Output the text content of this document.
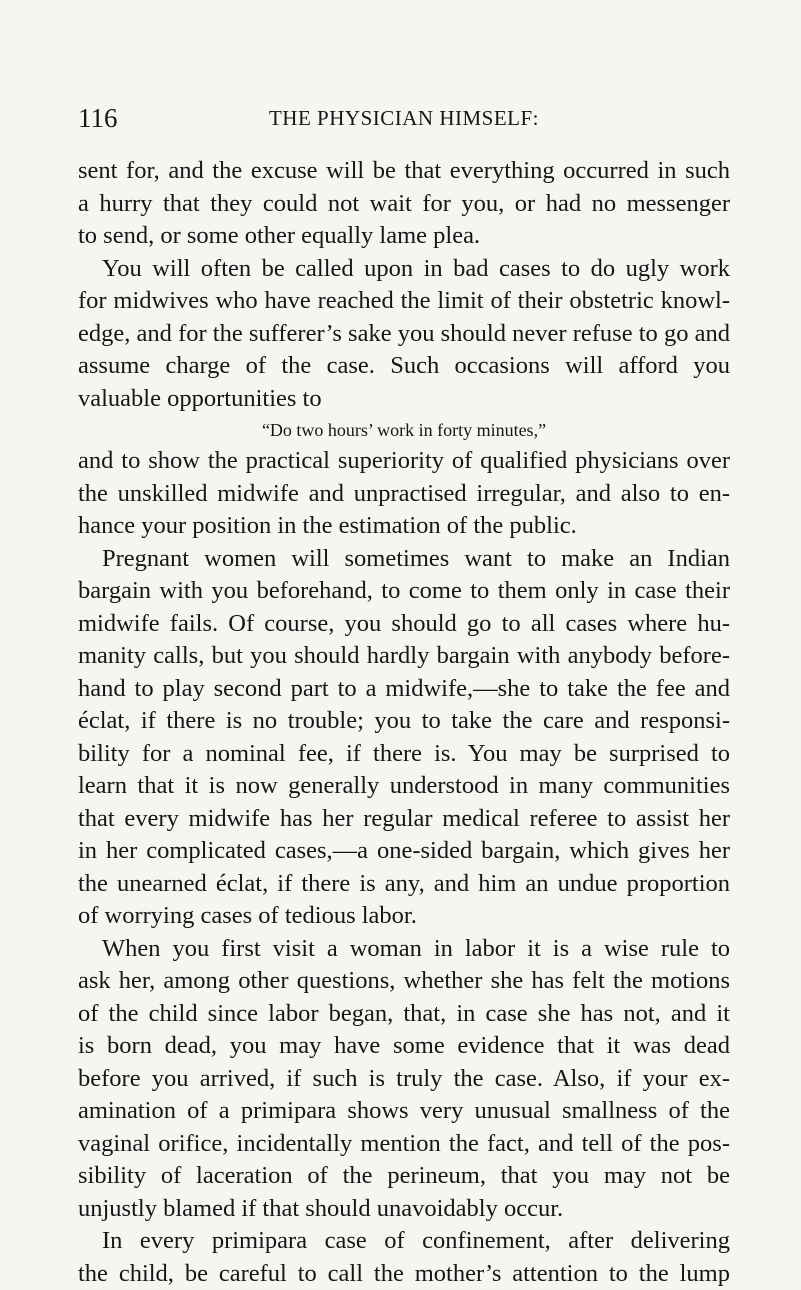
116	THE PHYSICIAN HIMSELF:
sent for, and the excuse will be that everything occurred in such
a hurry that they could not wait for you, or had no messenger
to send, or some other equally lame plea.
You will often be called upon in bad cases to do ugly work
for midwives who have reached the limit of their obstetric knowl-
edge, and for the sufferer’s sake you should never refuse to go and
assume charge of the case. Such occasions will afford you
valuable opportunities to
“Do two hours’ work in forty minutes,”
and to show the practical superiority of qualified physicians over
the unskilled midwife and unpractised irregular, and also to en-
hance your position in the estimation of the public.
Pregnant women will sometimes want to make an Indian
bargain with you beforehand, to come to them only in case their
midwife fails. Of course, you should go to all cases where hu-
manity calls, but you should hardly bargain with anybody before-
hand to play second part to a midwife,—she to take the fee and
éclat, if there is no trouble; you to take the care and responsi-
bility for a nominal fee, if there is. You may be surprised to
learn that it is now generally understood in many communities
that every midwife has her regular medical referee to assist her
in her complicated cases,—a one-sided bargain, which gives her
the unearned éclat, if there is any, and him an undue proportion
of worrying cases of tedious labor.
When you first visit a woman in labor it is a wise rule to
ask her, among other questions, whether she has felt the motions
of the child since labor began, that, in case she has not, and it
is born dead, you may have some evidence that it was dead
before you arrived, if such is truly the case. Also, if your ex-
amination of a primipara shows very unusual smallness of the
vaginal orifice, incidentally mention the fact, and tell of the pos-
sibility of laceration of the perineum, that you may not be
unjustly blamed if that should unavoidably occur.
In every primipara case of confinement, after delivering
the child, be careful to call the mother’s attention to the lump
